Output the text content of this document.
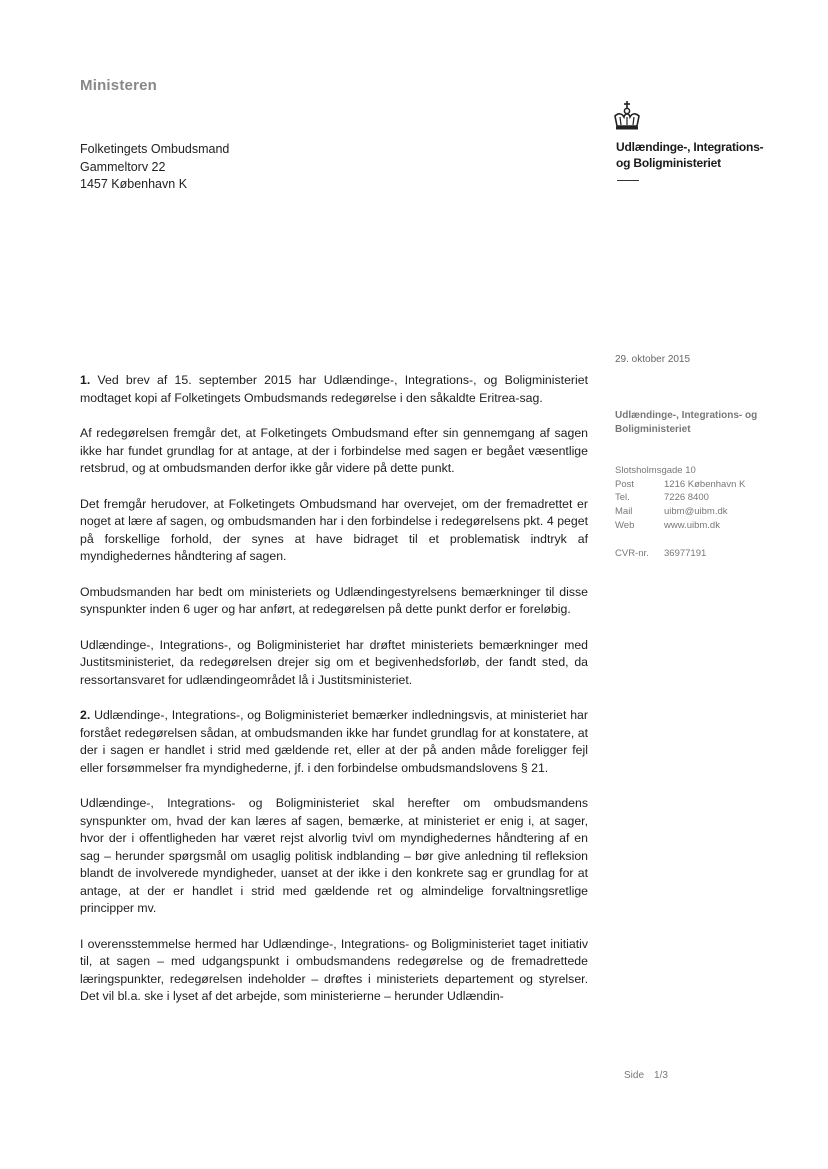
Ministeren
Folketingets Ombudsmand
Gammeltorv 22
1457 København K
Udlændinge-, Integrations-
og Boligministeriet
29. oktober 2015
Udlændinge-, Integrations- og
Boligministeriet
Slotsholmsgade 10
Post	1216 København K
Tel.	7226 8400
Mail	uibm@uibm.dk
Web	www.uibm.dk
CVR-nr. 36977191

1. Ved brev af 15. september 2015 har Udlændinge-, Integrations-, og Boligministeriet modtaget kopi af Folketingets Ombudsmands redegørelse i den såkaldte Eritrea-sag.

Af redegørelsen fremgår det, at Folketingets Ombudsmand efter sin gennemgang af sagen ikke har fundet grundlag for at antage, at der i forbindelse med sagen er begået væsentlige retsbrud, og at ombudsmanden derfor ikke går videre på dette punkt.

Det fremgår herudover, at Folketingets Ombudsmand har overvejet, om der fremadrettet er noget at lære af sagen, og ombudsmanden har i den forbindelse i redegørelsens pkt. 4 peget på forskellige forhold, der synes at have bidraget til et problematisk indtryk af myndighedernes håndtering af sagen.

Ombudsmanden har bedt om ministeriets og Udlændingestyrelsens bemærkninger til disse synspunkter inden 6 uger og har anført, at redegørelsen på dette punkt derfor er foreløbig.

Udlændinge-, Integrations-, og Boligministeriet har drøftet ministeriets bemærkninger med Justitsministeriet, da redegørelsen drejer sig om et begivenhedsforløb, der fandt sted, da ressortansvaret for udlændingeområdet lå i Justitsministeriet.

2. Udlændinge-, Integrations-, og Boligministeriet bemærker indledningsvis, at ministeriet har forstået redegørelsen sådan, at ombudsmanden ikke har fundet grundlag for at konstatere, at der i sagen er handlet i strid med gældende ret, eller at der på anden måde foreligger fejl eller forsømmelser fra myndighederne, jf. i den forbindelse ombudsmandslovens § 21.

Udlændinge-, Integrations- og Boligministeriet skal herefter om ombudsmandens synspunkter om, hvad der kan læres af sagen, bemærke, at ministeriet er enig i, at sager, hvor der i offentligheden har været rejst alvorlig tvivl om myndighedernes håndtering af en sag – herunder spørgsmål om usaglig politisk indblanding – bør give anledning til refleksion blandt de involverede myndigheder, uanset at der ikke i den konkrete sag er grundlag for at antage, at der er handlet i strid med gældende ret og almindelige forvaltningsretlige principper mv.

I overensstemmelse hermed har Udlændinge-, Integrations- og Boligministeriet taget initiativ til, at sagen – med udgangspunkt i ombudsmandens redegørelse og de fremadrettede læringspunkter, redegørelsen indeholder – drøftes i ministeriets departement og styrelser. Det vil bl.a. ske i lyset af det arbejde, som ministerierne – herunder Udlændin-

Side 1/3
